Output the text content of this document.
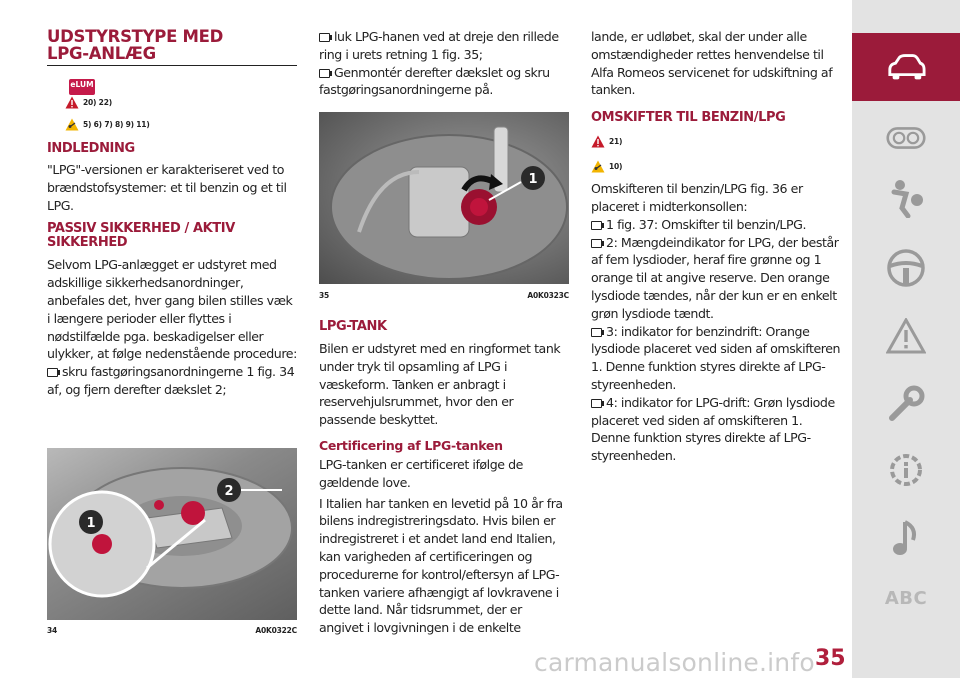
UDSTYRSTYPE MED
LPG-ANLÆG
eLUM
20) 22)
5) 6) 7) 8) 9) 11)
INDLEDNING

"LPG"-versionen er karakteriseret ved to brændstofsystemer: et til benzin og et til LPG.

PASSIV SIKKERHED / AKTIV
SIKKERHED

Selvom LPG-anlægget er udstyret med adskillige sikkerhedsanordninger, anbefales det, hver gang bilen stilles væk i længere perioder eller flyttes i nødstilfælde pga. beskadigelser eller ulykker, at følge nedenstående procedure:

skru fastgøringsanordningerne 1 fig. 34 af, og fjern derefter dækslet 2;

1
2
34	A0K0322C

luk LPG-hanen ved at dreje den rillede ring i urets retning 1 fig. 35;

Genmontér derefter dækslet og skru fastgøringsanordningerne på.

1
35	A0K0323C
LPG-TANK

Bilen er udstyret med en ringformet tank under tryk til opsamling af LPG i væskeform. Tanken er anbragt i reservehjulsrummet, hvor den er passende beskyttet.

Certificering af LPG-tanken

LPG-tanken er certificeret ifølge de gældende love.

I Italien har tanken en levetid på 10 år fra bilens indregistreringsdato. Hvis bilen er indregistreret i et andet land end Italien, kan varigheden af certificeringen og procedurerne for kontrol/eftersyn af LPG-tanken variere afhængigt af lovkravene i dette land. Når tidsrummet, der er angivet i lovgivningen i de enkelte

lande, er udløbet, skal der under alle omstændigheder rettes henvendelse til Alfa Romeos servicenet for udskiftning af tanken.

OMSKIFTER TIL BENZIN/LPG
21)
10)

Omskifteren til benzin/LPG fig. 36 er placeret i midterkonsollen:

1 fig. 37: Omskifter til benzin/LPG.

2: Mængdeindikator for LPG, der består af fem lysdioder, heraf fire grønne og 1 orange til at angive reserve. Den orange lysdiode tændes, når der kun er en enkelt grøn lysdiode tændt.

3: indikator for benzindrift: Orange lysdiode placeret ved siden af omskifteren 1. Denne funktion styres direkte af LPG-styreenheden.

4: indikator for LPG-drift: Grøn lysdiode placeret ved siden af omskifteren 1. Denne funktion styres direkte af LPG-styreenheden.

ABC
carmanualsonline.info 35
